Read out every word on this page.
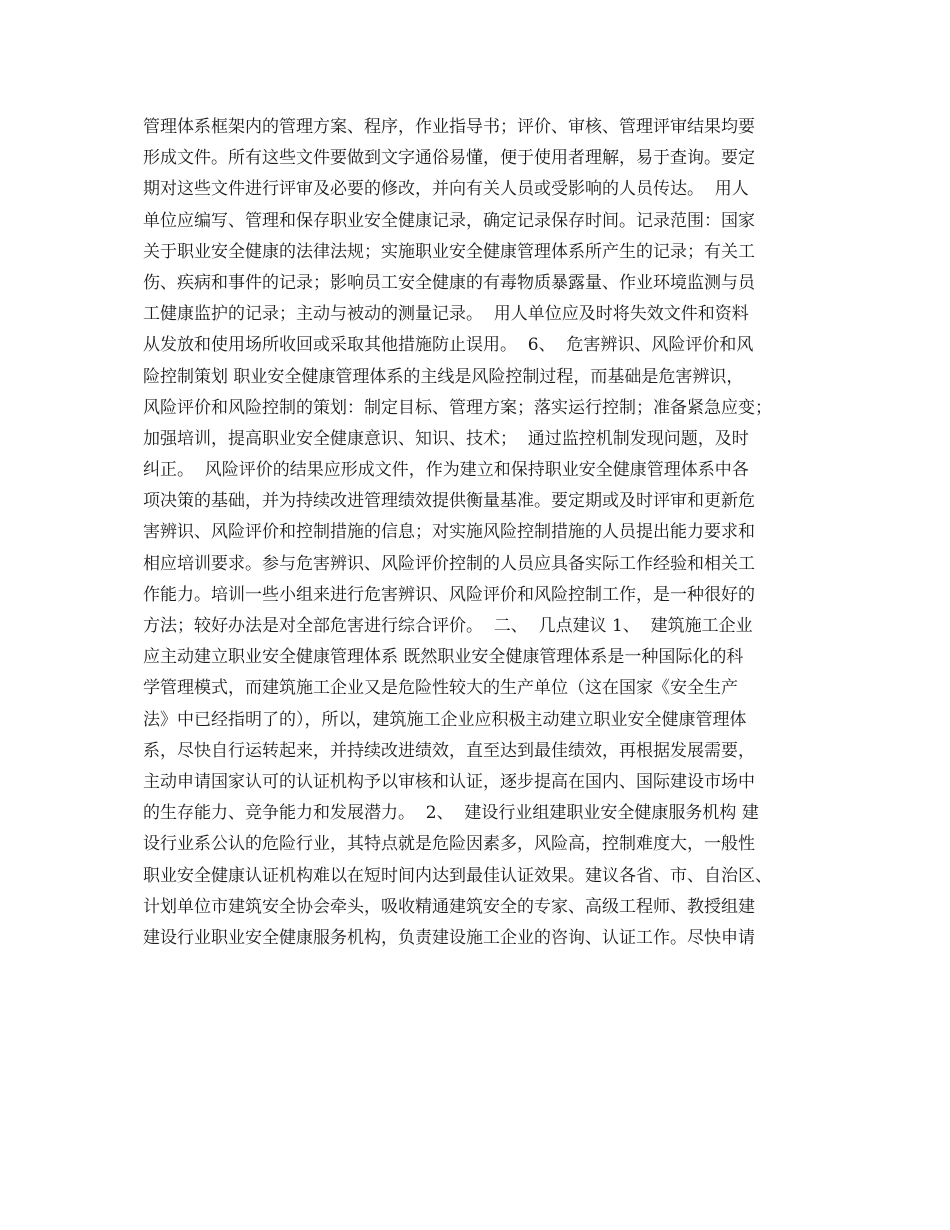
管理体系框架内的管理方案、程序，作业指导书；评价、审核、管理评审结果均要
形成文件。所有这些文件要做到文字通俗易懂，便于使用者理解，易于查询。要定
期对这些文件进行评审及必要的修改，并向有关人员或受影响的人员传达。  用人
单位应编写、管理和保存职业安全健康记录，确定记录保存时间。记录范围：国家
关于职业安全健康的法律法规；实施职业安全健康管理体系所产生的记录；有关工
伤、疾病和事件的记录；影响员工安全健康的有毒物质暴露量、作业环境监测与员
工健康监护的记录；主动与被动的测量记录。  用人单位应及时将失效文件和资料
从发放和使用场所收回或采取其他措施防止误用。  6、  危害辨识、风险评价和风
险控制策划 职业安全健康管理体系的主线是风险控制过程，而基础是危害辨识，
风险评价和风险控制的策划：制定目标、管理方案；落实运行控制；准备紧急应变；
加强培训，提高职业安全健康意识、知识、技术；  通过监控机制发现问题，及时
纠正。  风险评价的结果应形成文件，作为建立和保持职业安全健康管理体系中各
项决策的基础，并为持续改进管理绩效提供衡量基准。要定期或及时评审和更新危
害辨识、风险评价和控制措施的信息；对实施风险控制措施的人员提出能力要求和
相应培训要求。参与危害辨识、风险评价控制的人员应具备实际工作经验和相关工
作能力。培训一些小组来进行危害辨识、风险评价和风险控制工作，是一种很好的
方法；较好办法是对全部危害进行综合评价。  二、  几点建议 1、  建筑施工企业
应主动建立职业安全健康管理体系 既然职业安全健康管理体系是一种国际化的科
学管理模式，而建筑施工企业又是危险性较大的生产单位（这在国家《安全生产
法》中已经指明了的），所以，建筑施工企业应积极主动建立职业安全健康管理体
系，尽快自行运转起来，并持续改进绩效，直至达到最佳绩效，再根据发展需要，
主动申请国家认可的认证机构予以审核和认证，逐步提高在国内、国际建设市场中
的生存能力、竞争能力和发展潜力。  2、  建设行业组建职业安全健康服务机构 建
设行业系公认的危险行业，其特点就是危险因素多，风险高，控制难度大，一般性
职业安全健康认证机构难以在短时间内达到最佳认证效果。建议各省、市、自治区、
计划单位市建筑安全协会牵头，吸收精通建筑安全的专家、高级工程师、教授组建
建设行业职业安全健康服务机构，负责建设施工企业的咨询、认证工作。尽快申请
